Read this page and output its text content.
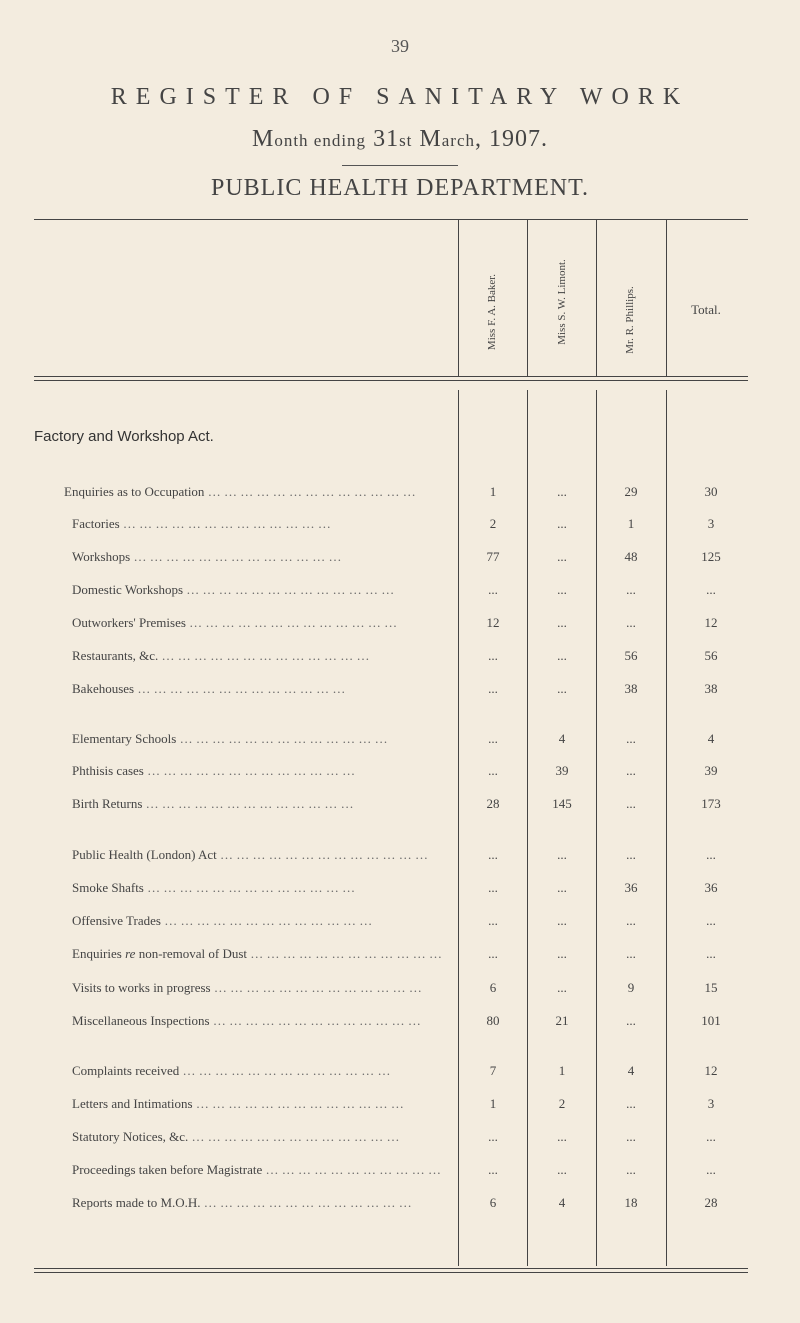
39
REGISTER OF SANITARY WORK
Month ending 31st March, 1907.
PUBLIC HEALTH DEPARTMENT.
Miss F. A. Baker.	Miss S. W. Limont.	Mr. R. Phillips.	Total.
Factory and Workshop Act.
Enquiries as to Occupation … … … … … … … … … … … … …	1	...	29	30
Factories … … … … … … … … … … … … …	2	...	1	3
Workshops … … … … … … … … … … … … …	77	...	48	125
Domestic Workshops … … … … … … … … … … … … …	...	...	...	...
Outworkers' Premises … … … … … … … … … … … … …	12	...	...	12
Restaurants, &c. … … … … … … … … … … … … …	...	...	56	56
Bakehouses … … … … … … … … … … … … …	...	...	38	38
Elementary Schools … … … … … … … … … … … … …	...	4	...	4
Phthisis cases … … … … … … … … … … … … …	...	39	...	39
Birth Returns … … … … … … … … … … … … …	28	145	...	173
Public Health (London) Act … … … … … … … … … … … … …	...	...	...	...
Smoke Shafts … … … … … … … … … … … … …	...	...	36	36
Offensive Trades … … … … … … … … … … … … …	...	...	...	...
Enquiries re non-removal of Dust … … … … … … … … … … … … …	...	...	...	...
Visits to works in progress … … … … … … … … … … … … …	6	...	9	15
Miscellaneous Inspections … … … … … … … … … … … … …	80	21	...	101
Complaints received … … … … … … … … … … … … …	7	1	4	12
Letters and Intimations … … … … … … … … … … … … …	1	2	...	3
Statutory Notices, &c. … … … … … … … … … … … … …	...	...	...	...
Proceedings taken before Magistrate … … … … … … … … … … … … …	...	...	...	...
Reports made to M.O.H. … … … … … … … … … … … … …	6	4	18	28
